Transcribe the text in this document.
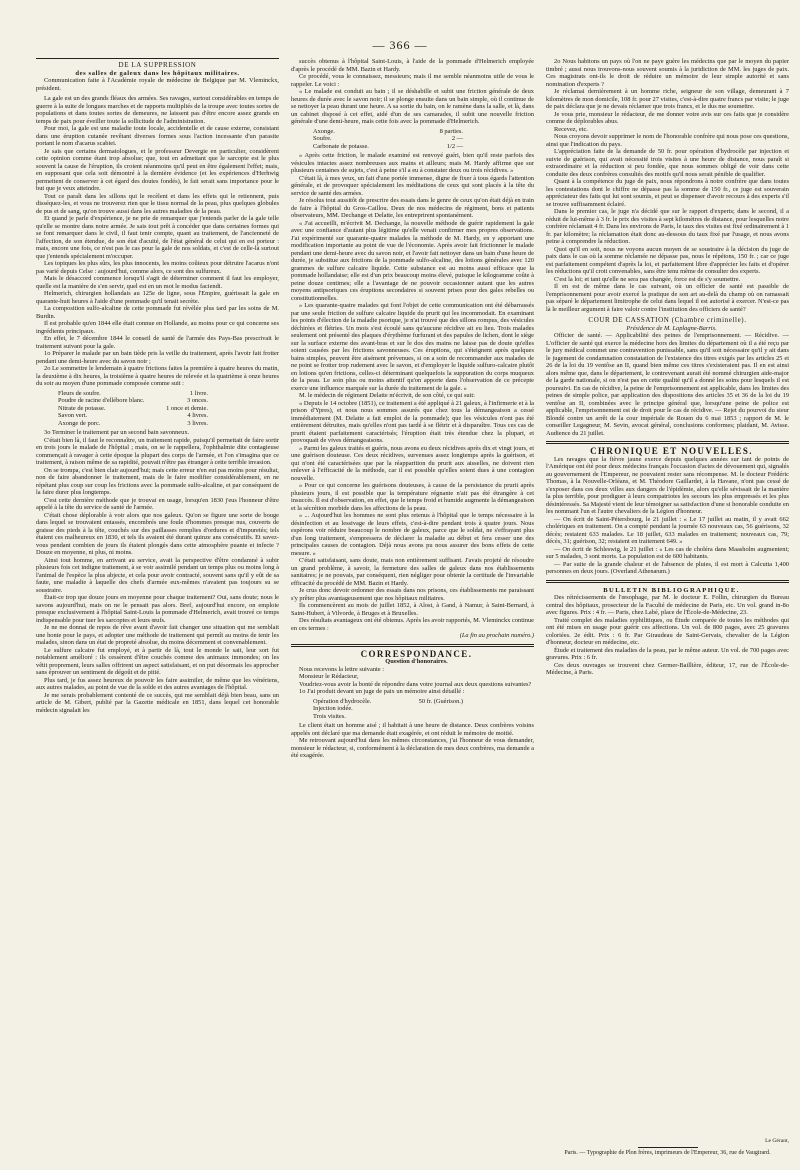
— 366 —

DE LA SUPPRESSION

des salles de galeux dans les hôpitaux militaires.

Communication faite à l'Académie royale de médecine de Belgique par M. Vleminckx, président.

La gale est un des grands fléaux des armées. Ses ravages, surtout considérables en temps de guerre à la suite de longues marches et de rapports multipliés de la troupe avec toutes sortes de populations et dans toutes sortes de demeures, ne laissent pas d'être encore assez grands en temps de paix pour éveiller toute la sollicitude de l'administration.

Pour moi, la gale est une maladie toute locale, accidentelle et de cause externe, consistant dans une éruption cutanée revêtant diverses formes sous l'action incessante d'un parasite portant le nom d'acarus scabiei.

Je sais que certains dermatologues, et le professeur Devergie en particulier, considèrent cette opinion comme étant trop absolue; que, tout en admettant que le sarcopte est le plus souvent la cause de l'éruption, ils croient néanmoins qu'il peut en être également l'effet; mais, en supposant que cela soit démontré à la dernière évidence (et les expériences d'Herhwig permettent de conserver à cet égard des doutes fondés), le fait serait sans importance pour le but que je veux atteindre.

Tout ce paraît dans les sillons qui le recèlent et dans les effets qui le retiennent, puis disséquez-les, et vous ne trouverez rien que le tissu normal de la peau, plus quelques globules de pus et de sang, qu'on trouve aussi dans les autres maladies de la peau.

Et quand je parle d'expérience, je ne prie de remarquer que j'entends parler de la gale telle qu'elle se montre dans notre armée. Je sais tout prêt à concéder que dans certaines formes qui se font remarquer dans le civil, il faut tenir compte, quant au traitement, de l'ancienneté de l'affection, de son étendue, de son état d'acuité, de l'état général de celui qui en est porteur : mais, encore une fois, ce n'est pas le cas pour la gale de nos soldats, et c'est de celle-là surtout que j'entends spécialement m'occuper.

Les topiques les plus sûrs, les plus innocents, les moins coûteux pour détruire l'acarus n'ont pas varié depuis Celse : aujourd'hui, comme alors, ce sont des sulfureux.

Mais le désaccord commence lorsqu'il s'agit de déterminer comment il faut les employer, quelle est la manière de s'en servir, quel est en un mot le modus faciendi.

Helmerich, chirurgien hollandais au 125e de ligne, sous l'Empire, guérissait la gale en quarante-huit heures à l'aide d'une pommade qu'il tenait secrète.

La composition sulfo-alcaline de cette pommade fut révélée plus tard par les soins de M. Burdin.

Il est probable qu'en 1844 elle était connue en Hollande, au moins pour ce qui concerne ses ingrédients principaux.

En effet, le 7 décembre 1844 le conseil de santé de l'armée des Pays-Bas prescrivait le traitement suivant pour la gale.

1o Préparer le malade par un bain tiède pris la veille du traitement, après l'avoir fait frotter pendant une demi-heure avec du savon noir ;

2o Le sommettre le lendemain à quatre frictions faites la première à quatre heures du matin, la deuxième à dix heures, la troisième à quatre heures de relevée et la quatrième à onze heures du soir au moyen d'une pommade composée comme suit :

Fleurs de soufre.	1 livre.
Poudre de racine d'ellébore blanc.	3 onces.
Nitrate de potasse.	1 once et demie.
Savon vert.	4 livres.
Axonge de porc.	3 livres.

3o Terminer le traitement par un second bain savonneux.

C'était bien là, il faut le reconnaître, un traitement rapide, puisqu'il permettait de faire sortir en trois jours le malade de l'hôpital ; mais, on se le rappellera, l'ophthalmie dite contagieuse commençait à ravager à cette époque la plupart des corps de l'armée, et l'on s'imagina que ce traitement, à raison même de sa rapidité, pouvait n'être pas étranger à cette terrible invasion.

On se trompa, c'est bien clair aujourd'hui; mais cette erreur n'en eut pas moins pour résultat, non de faire abandonner le traitement, mais de le faire modifier considérablement, en ne répétant plus coup sur coup les frictions avec la pommade sulfo-alcaline, et par conséquent de la faire durer plus longtemps.

C'est cette dernière méthode que je trouvai en usage, lorsqu'en 1830 j'eus l'honneur d'être appelé à la tête du service de santé de l'armée.

C'était chose déplorable à voir alors que nos galeux. Qu'on se figure une sorte de bouge dans lequel se trouvaient entassés, encombrés une foule d'hommes presque nus, couverts de graisse des pieds à la tête, couchés sur des paillasses remplies d'ordures et d'impuretés; tels étaient ces malheureux en 1830, et tels ils avaient été durant quinze ans consécutifs. Et savez-vous pendant combien de jours ils étaient plongés dans cette atmosphère puante et infecte ? Douze en moyenne, ni plus, ni moins.

Ainsi tout homme, en arrivant au service, avait la perspective d'être condamné à subir plusieurs fois cet indigne traitement, à se voir assimilé pendant un temps plus ou moins long à l'animal de l'espèce la plus abjecte, et cela pour avoir contracté, souvent sans qu'il y eût de sa faute, une maladie à laquelle des chefs d'armée eux-mêmes n'avaient pas toujours su se soustraire.

Était-ce trop que douze jours en moyenne pour chaque traitement? Oui, sans doute; nous le savons aujourd'hui, mais on ne le pensait pas alors. Bref, aujourd'hui encore, on emploie presque exclusivement à l'hôpital Saint-Louis la pommade d'Helmerich, avait trouvé ce temps indispensable pour tuer les sarcoptes et leurs œufs.

Je ne me donnai de repos de rêve avant d'avoir fait changer une situation qui me semblait une honte pour le pays, et adopter une méthode de traitement qui permît au moins de tenir les malades, sinon dans un état de propreté absolue, du moins décemment et convenablement.

Le sulfure calcaire fut employé, et à partir de là, tout le monde le sait, leur sort fut notablement amélioré : ils cessèrent d'être couchés comme des animaux immondes; on les vêtit proprement, leurs salles offrirent un aspect satisfaisant, et on put désormais les approcher sans éprouver un sentiment de dégoût et de pitié.

Plus tard, je fus assez heureux de pouvoir les faire assimiler, de même que les vénériens, aux autres malades, au point de vue de la solde et des autres avantages de l'hôpital.

Je me serais probablement contenté de ce succès, qui me semblait déjà bien beau, sans un article de M. Gibert, publié par la Gazette médicale en 1851, dans lequel cet honorable médecin signalait les

succès obtenus à l'hôpital Saint-Louis, à l'aide de la pommade d'Helmerich employée d'après le procédé de MM. Bazin et Hardy.

Ce procédé, vous le connaissez, messieurs; mais il me semble néanmoins utile de vous le rappeler. Le voici :

« Le malade est conduit au bain ; il se déshabille et subit une friction générale de deux heures de durée avec le savon noir; il se plonge ensuite dans un bain simple, où il continue de se nettoyer la peau durant une heure. A sa sortie du bain, on le ramène dans la salle, et là, dans un cabinet disposé à cet effet, aidé d'un de ses camarades, il subit une nouvelle friction générale d'une demi-heure, mais cette fois avec la pommade d'Helmerich.

Axonge.	8 parties.
Soufre.	2 —
Carbonate de potasse.	1/2 —

» Après cette friction, le malade examiné est renvoyé guéri, bien qu'il reste parfois des vésicules intactes assez nombreuses aux mains et ailleurs; mais M. Hardy affirme que sur plusieurs centaines de sujets, c'est à peine s'il a eu à constater deux ou trois récidives. »

C'était là, à mes yeux, un fait d'une portée immense, digne de fixer à tous égards l'attention générale, et de provoquer spécialement les méditations de ceux qui sont placés à la tête du service de santé des armées.

Je résolus tout aussitôt de prescrire des essais dans le genre de ceux qu'on était déjà en train de faire à l'hôpital du Gros-Caillou. Deux de nos médecins de régiment, bons et patients observateurs, MM. Dechange et Delatte, les entreprirent spontanément.

« J'ai accueilli, m'écrivit M. Dechange, la nouvelle méthode de guérir rapidement la gale avec une confiance d'autant plus légitime qu'elle venait confirmer mes propres observations. J'ai expérimenté sur quarante-quatre malades la méthode de M. Hardy, en y apportant une modification importante au point de vue de l'économie. Après avoir fait frictionner le malade pendant une demi-heure avec du savon noir, et l'avoir fait nettoyer dans un bain d'une heure de durée, je substitue aux frictions de la pommade sulfo-alcaline, des lotions générales avec 120 grammes de sulfure calcaire liquide. Cette substance est au moins aussi efficace que la pommade hollandaise; elle est d'un prix beaucoup moins élevé, puisque le kilogramme coûte à peine douze centimes; elle a l'avantage de ne pouvoir occasionner autant que les autres moyens antipsoriques ces éruptions secondaires si souvent prises pour des gales rebelles ou constitutionnelles.

» Les quarante-quatre malades qui font l'objet de cette communication ont été débarrassés par une seule friction de sulfure calcaire liquide du prurit qui les incommodait. En examinant les points d'élection de la maladie psorique, je n'ai trouvé que des sillons rompus, des vésicules déchirées et flétries. Un mois s'est écoulé sans qu'aucune récidive ait eu lieu. Trois malades seulement ont présenté des plaques d'érythème furfurant et des papules de lichen, dont le siège sur la surface externe des avant-bras et sur le dos des mains ne laisse pas de doute qu'elles soient causées par les frictions savonneuses. Ces éruptions, qui s'éteignent après quelques bains simples, peuvent être aisément prévenues, si on a soin de recommander aux malades de ne point se frotter trop rudement avec le savon, et d'employer le liquide sulfuro-calcaire plutôt en lotions qu'en frictions, celles-ci déterminant quelquefois la suppuration du corps muqueux de la peau. Le soin plus ou moins attentif qu'on apporte dans l'observation de ce précepte exerce une influence marquée sur la durée du traitement de la gale. »

M. le médecin de régiment Delatte m'écrivit, de son côté, ce qui suit:

« Depuis le 14 octobre (1851), ce traitement a été appliqué à 21 galeux, à l'infirmerie et à la prison d'Ypres), et nous nous sommes assurés que chez tous la démangeaison a cessé immédiatement (M. Delatte a fait emploi de la pommade); que les vésicules n'ont pas été entièrement détruites, mais qu'elles n'ont pas tardé à se flétrir et à disparaître. Tous ces cas de prurit étaient parfaitement caractérisés; l'éruption était très étendue chez la plupart, et provoquait de vives démangeaisons.

» Parmi les galeux traités et guéris, nous avons eu deux récidives après dix et vingt jours, et une guérison douteuse. Ces deux récidives, survenues assez longtemps après la guérison, et qui n'ont été caractérisées que par la réapparition du prurit aux aisselles, ne doivent rien enlever à l'efficacité de la méthode, car il est possible qu'elles soient dues à une contagion nouvelle.

» Pour ce qui concerne les guérisons douteuses, à cause de la persistance du prurit après plusieurs jours, il est possible que la température régnante n'ait pas été étrangère à cet insuccès. Il est d'observation, en effet, que le temps froid et humide augmente la démangeaison et la sécrétion morbide dans les affections de la peau.

» ... Aujourd'hui les hommes ne sont plus retenus à l'hôpital que le temps nécessaire à la désinfection et au lessivage de leurs effets, c'est-à-dire pendant trois à quatre jours. Nous espérons voir réduire beaucoup le nombre de galeux, parce que le soldat, ne s'effrayant plus d'un long traitement, s'empressera de déclarer la maladie au début et fera cesser une des principales causes de contagion. Déjà nous avons pu nous assurer des bons effets de cette mesure. »

C'était satisfaisant, sans doute, mais non entièrement suffisant. J'avais projeté de résoudre un grand problème, à savoir, la fermeture des salles de galeux dans nos établissements sanitaires; je ne pouvais, par conséquent, rien négliger pour obtenir la certitude de l'invariable efficacité du procédé de MM. Bazin et Hardy.

Je crus donc devoir ordonner des essais dans nos prisons, ces établissements me paraissant s'y prêter plus avantageusement que nos hôpitaux militaires.

Ils commencèrent au mois de juillet 1852, à Alost, à Gand, à Namur, à Saint-Bernard, à Saint-Hubert, à Vilvorde, à Bruges et à Bruxelles.

Des résultats avantageux ont été obtenus. Après les avoir rapportés, M. Vleminckx continue en ces termes :

(La fin au prochain numéro.)

CORRESPONDANCE.

Question d'honoraires.

Nous recevons la lettre suivante :

Monsieur le Rédacteur,

Voudriez-vous avoir la bonté de répondre dans votre journal aux deux questions suivantes?

1o J'ai produit devant un juge de paix un mémoire ainsi détaillé :

Opération d'hydrocèle.	50 fr. (Guérison.)
Injection iodée.
Trois visites.

Le client était un homme aisé ; il habitait à une heure de distance. Deux confrères voisins appelés ont déclaré que ma demande était exagérée, et ont réduit le mémoire de moitié.

Me retrouvant aujourd'hui dans les mêmes circonstances, j'ai l'honneur de vous demander, monsieur le rédacteur, si, conformément à la déclaration de mes deux confrères, ma demande a été exagérée.

2o Nous habitons un pays où l'on ne paye guère les médecins que par le moyen du papier timbré ; aussi nous trouvons-nous souvent soumis à la juridiction de MM. les juges de paix. Ces magistrats ont-ils le droit de réduire un mémoire de leur simple autorité et sans nomination d'experts ?

Je réclamai dernièrement à un homme riche, seigneur de son village, demeurant à 7 kilomètres de mon domicile, 108 fr. pour 27 visites, c'est-à-dire quatre francs par visite; le juge de paix déclara que je ne devais réclamer que trois francs, et le dus me soumettre.

Je vous prie, monsieur le rédacteur, de me donner votre avis sur ces faits que je considère comme de déplorables abus.

Recevez, etc.

Nous croyons devoir supprimer le nom de l'honorable confrère qui nous pose ces questions, ainsi que l'indication du pays.

L'appréciation faite de la demande de 50 fr. pour opération d'hydrocèle par injection et suivie de guérison, qui avait nécessité trois visites à une heure de distance, nous paraît si extraordinaire et la réduction si peu fondée, que nous sommes obligé de voir dans cette conduite des deux confrères consultés des motifs qu'il nous serait pénible de qualifier.

Quant à la compétence du juge de paix, nous répondrons à notre confrère que dans toutes les contestations dont le chiffre ne dépasse pas la somme de 150 fr., ce juge est souverain appréciateur des faits qui lui sont soumis, et peut se dispenser d'avoir recours à des experts s'il se trouve suffisamment éclairé.

Dans le premier cas, le juge n'a décidé que sur le rapport d'experts; dans le second, il a réduit de lui-même à 3 fr. le prix des visites à sept kilomètres de distance, pour lesquelles notre confrère réclamait 4 fr. Dans les environs de Paris, le taux des visites est fixé ordinairement à 1 fr. par kilomètre; la réclamation était donc au-dessous du taux fixé par l'usage, et nous avons peine à comprendre la réduction.

Quoi qu'il en soit, nous ne voyons aucun moyen de se soustraire à la décision du juge de paix dans le cas où la somme réclamée ne dépasse pas, nous le répétons, 150 fr. ; car ce juge est parfaitement compétent d'après la loi, et parfaitement libre d'apprécier les faits et d'opérer les réductions qu'il croit convenables, sans être tenu même de consulter des experts.

C'est la loi; et tant qu'elle ne sera pas changée, force est de s'y soumettre.

Il en est de même dans le cas suivant, où un officier de santé est passible de l'emprisonnement pour avoir exercé la pratique de son art au-delà du champ où on ramassait pas séparé le département limitrophe de celui dans lequel il est autorisé à exercer. N'est-ce pas là le meilleur argument à faire valoir contre l'institution des officiers de santé?

COUR DE CASSATION (Chambre criminelle).

Présidence de M. Laplagne-Barris.

Officier de santé. — Applicabilité des peines de l'emprisonnement. — Récidive. — L'officier de santé qui exerce la médecine hors des limites du département où il a été reçu par le jury médical commet une contravention punissable, sans qu'il soit nécessaire qu'il y ait dans le jugement de condamnation constatation de l'existence des titres exigés par les articles 25 et 26 de la loi du 19 ventôse an II, quand bien même ces titres s'existeraient pas. Il en est ainsi alors même que, dans le département, le contrevenant aurait été nommé chirurgien aide-major de la garde nationale, si on n'est pas en cette qualité qu'il a donné les soins pour lesquels il est poursuivi. En cas de récidive, la peine de l'emprisonnement est applicable, dans les limites des peines de simple police, par application des dispositions des articles 35 et 36 de la loi du 19 ventôse an II, combinées avec le principe général que, lorsqu'une peine de police est applicable, l'emprisonnement est de droit pour le cas de récidive. — Rejet du pourvoi du sieur Blondé contre un arrêt de la cour impériale de Rouen du 6 mai 1853 ; rapport de M. le conseiller Legagneur, M. Sevin, avocat général, conclusions conformes; plaidant, M. Avisse. Audience du 21 juillet.

CHRONIQUE ET NOUVELLES.

Les ravages que la fièvre jaune exerce depuis quelques années sur tant de points de l'Amérique ont été pour deux médecins français l'occasion d'actes de dévouement qui, signalés au gouvernement de l'Empereur, ne pouvaient rester sans récompense. M. le docteur Frédéric Thomas, à la Nouvelle-Orléans, et M. Théodore Gaillardet, à la Havane, n'ont pas cessé de s'exposer dans ces deux villes aux dangers de l'épidémie, alors qu'elle sévissait de la manière la plus terrible, pour prodiguer à leurs compatriotes les secours les plus empressés et les plus désintéressés. Sa Majesté vient de leur témoigner sa satisfaction d'une si honorable conduite en les nommant l'un et l'autre chevaliers de la Légion d'honneur.

— On écrit de Saint-Pétersbourg, le 21 juillet : « Le 17 juillet au matin, il y avait 662 cholériques en traitement. On a compté pendant la journée 63 nouveaux cas, 56 guérisons, 32 décès; restaient 633 malades. Le 18 juillet, 633 malades en traitement; nouveaux cas, 79; décès, 31; guérison, 32; restaient en traitement 649. »

— On écrit de Schleswig, le 21 juillet : « Les cas de choléra dans Maasholm augmentent; sur 5 malades, 3 sont morts. La population est de 600 habitants.

— Par suite de la grande chaleur et de l'absence de pluies, il est mort à Calcutta 1,400 personnes en deux jours. (Overland Athenæum.)

BULLETIN BIBLIOGRAPHIQUE.

Des rétrécissements de l'œsophage, par M. le docteur E. Follin, chirurgien du Bureau central des hôpitaux, prosecteur de la Faculté de médecine de Paris, etc. Un vol. grand in-8o avec figures. Prix : 4 fr. — Paris, chez Labé, place de l'École-de-Médecine, 23.

Traité complet des maladies syphilitiques, ou Étude comparée de toutes les méthodes qui ont été mises en usage pour guérir ces affections. Un vol. de 800 pages, avec 25 gravures coloriées. 2e édit. Prix : 6 fr. Par Giraudeau de Saint-Gervais, chevalier de la Légion d'honneur, docteur en médecine, etc.

Étude et traitement des maladies de la peau, par le même auteur. Un vol. de 700 pages avec gravures. Prix : 6 fr.

Ces deux ouvrages se trouvent chez Germer-Baillière, éditeur, 17, rue de l'École-de-Médecine, à Paris.

Le Gérant,
Paris. — Typographie de Plon frères, imprimeurs de l'Empereur, 36, rue de Vaugirard.
